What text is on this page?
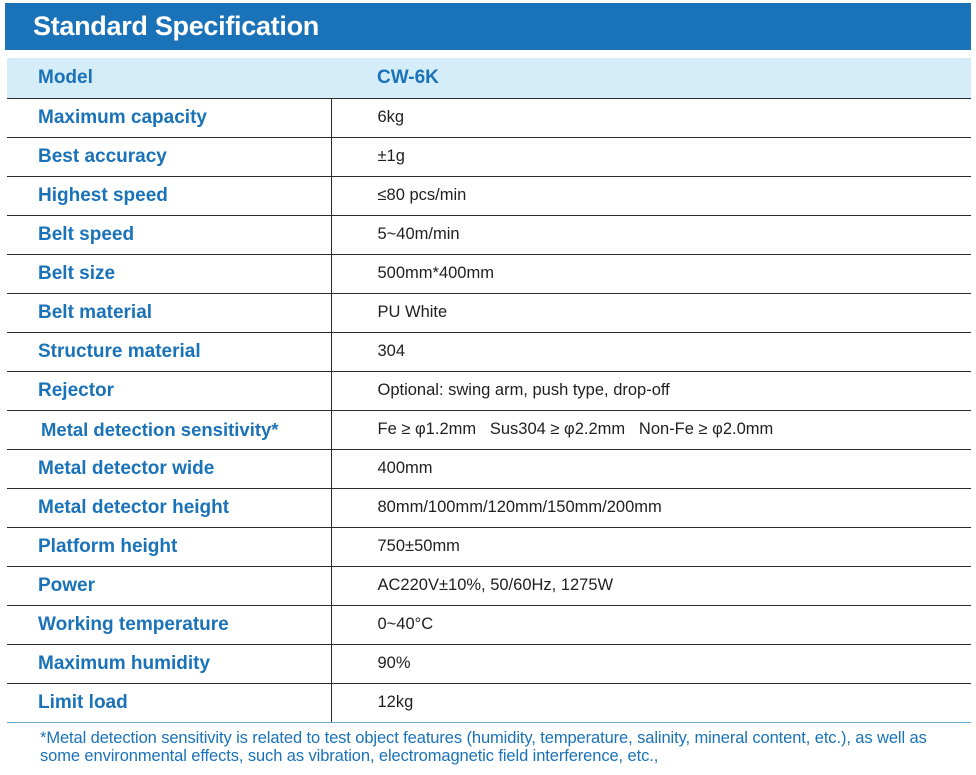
Standard Specification
Model	CW-6K
Maximum capacity	6kg
Best accuracy	±1g
Highest speed	≤80 pcs/min
Belt speed	5~40m/min
Belt size	500mm*400mm
Belt material	PU White
Structure material	304
Rejector	Optional: swing arm, push type, drop-off
Metal detection sensitivity*	Fe ≥ φ1.2mm   Sus304 ≥ φ2.2mm   Non-Fe ≥ φ2.0mm
Metal detector wide	400mm
Metal detector height	80mm/100mm/120mm/150mm/200mm
Platform height	750±50mm
Power	AC220V±10%, 50/60Hz, 1275W
Working temperature	0~40°C
Maximum humidity	90%
Limit load	12kg
*Metal detection sensitivity is related to test object features (humidity, temperature, salinity, mineral content, etc.), as well as some environmental effects, such as vibration, electromagnetic field interference, etc.,
